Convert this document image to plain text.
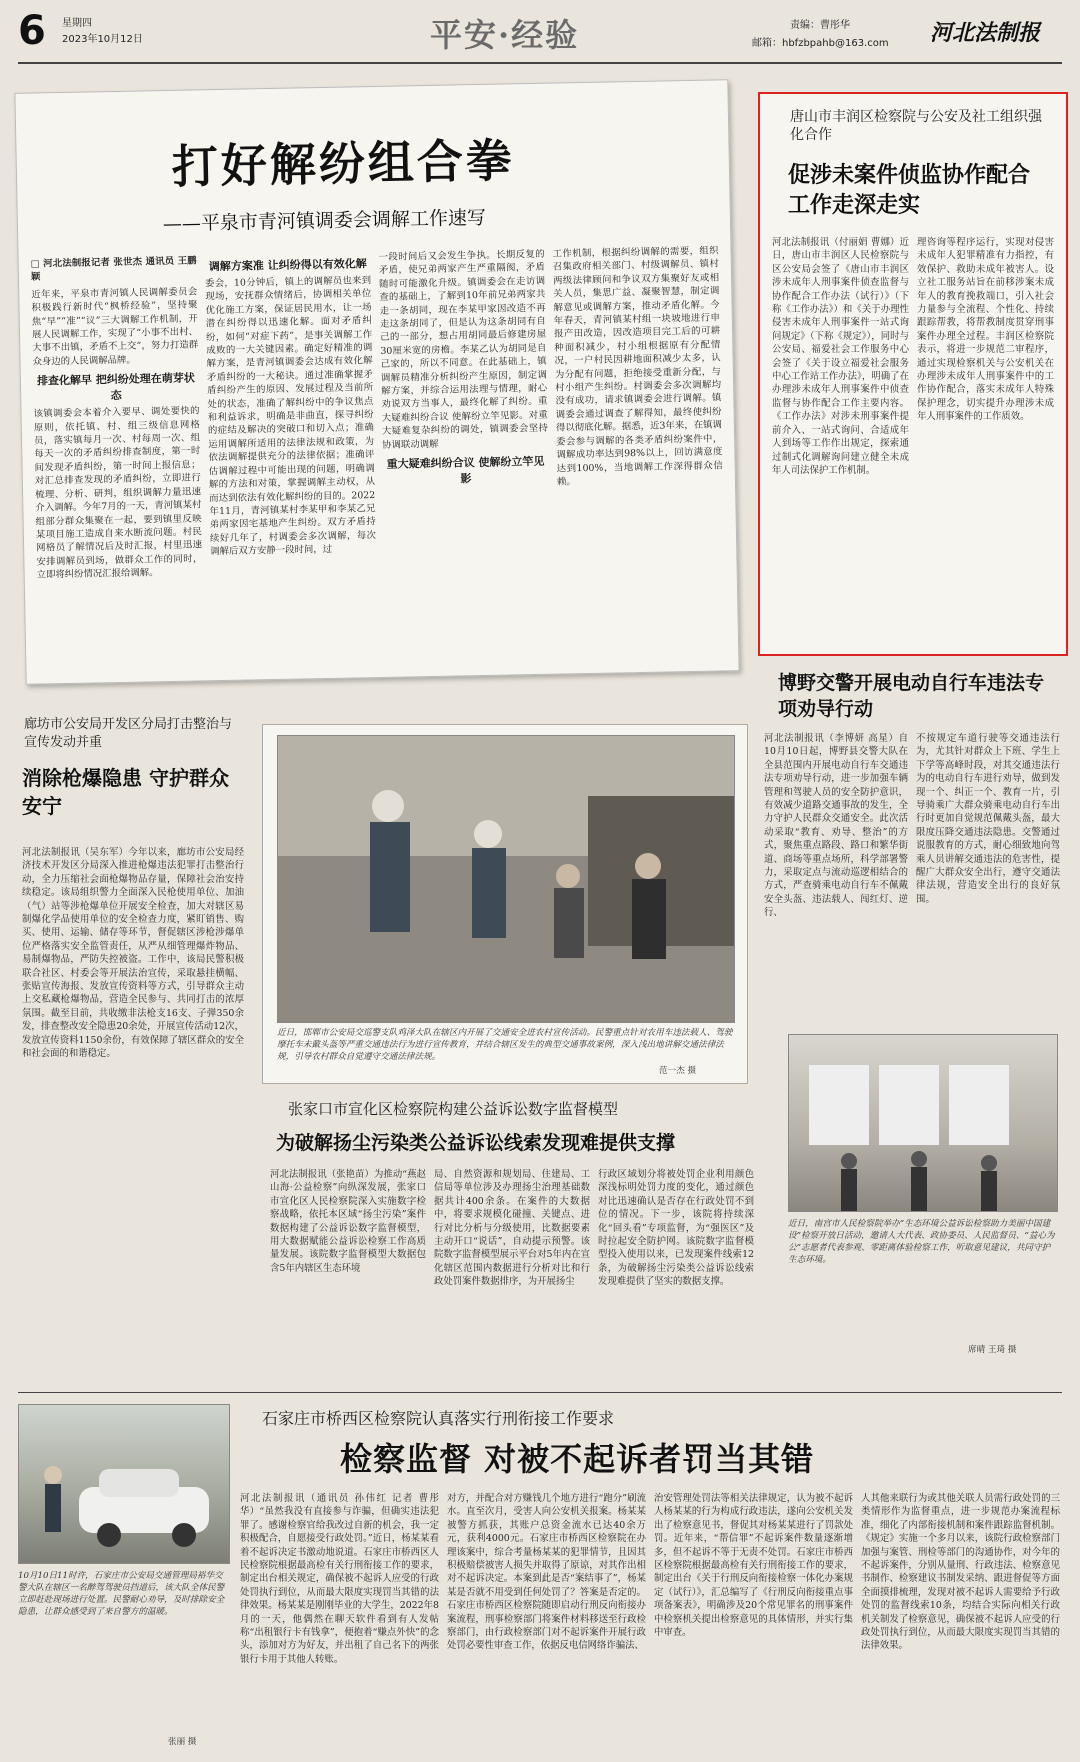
6 星期四
2023年10月12日	平安·经验	责编：曹彤华
邮箱：hbfzbpahb@163.com 河北法制报
打好解纷组合拳
——平泉市青河镇调委会调解工作速写
□ 河北法制报记者 张世杰 通讯员 王鹏颖
近年来，平泉市青河镇人民调解委员会积极践行新时代“枫桥经验”，坚持聚焦“早”“准”“议”三大调解工作机制，开展人民调解工作，实现了“小事不出村、大事不出镇，矛盾不上交”，努力打造群众身边的人民调解品牌。
排查化解早 把纠纷处理在萌芽状态
该镇调委会本着介入要早、调处要快的原则，依托镇、村、组三级信息网格员，落实镇每月一次、村每周一次、组每天一次的矛盾纠纷排查制度，第一时间发现矛盾纠纷，第一时间上报信息；对汇总排查发现的矛盾纠纷，立即进行梳理、分析、研判，组织调解力量迅速介入调解。今年7月的一天，青河镇某村组部分群众集聚在一起，要到镇里反映某项目施工造成自来水断流问题。村民网格员了解情况后及时汇报，村里迅速安排调解员到场，做群众工作的同时，立即将纠纷情况汇报给调解。
调解方案准 让纠纷得以有效化解
委会，10分钟后，镇上的调解员也来到现场，安抚群众情绪后，协调相关单位优化施工方案，保证居民用水，让一场潜在纠纷得以迅速化解。面对矛盾纠纷，如何“对症下药”，是事关调解工作成败的一大关键因素。确定好精准的调解方案，是青河镇调委会达成有效化解矛盾纠纷的一大秘诀。通过准确掌握矛盾纠纷产生的原因、发展过程及当前所处的状态，准确了解纠纷中的争议焦点和利益诉求，明确是非曲直，探寻纠纷的症结及解决的突破口和切入点；准确运用调解所适用的法律法规和政策，为依法调解提供充分的法律依据；准确评估调解过程中可能出现的问题，明确调解的方法和对策，掌握调解主动权，从而达到依法有效化解纠纷的目的。2022年11月，青河镇某村李某甲和李某乙兄弟两家因宅基地产生纠纷。双方矛盾持续好几年了，村调委会多次调解，每次调解后双方安静一段时间，过
一段时间后又会发生争执。长期反复的矛盾，使兄弟两家产生严重隔阂，矛盾随时可能激化升级。镇调委会在走访调查的基础上，了解到10年前兄弟两家共走一条胡同，现在李某甲家因改造不再走这条胡同了，但是认为这条胡同有自己的一部分，想占用胡同最后修建房屋30厘米宽的房檐。李某乙认为胡同是自己家的，所以不同意。在此基础上，镇调解员精准分析纠纷产生原因，制定调解方案，并综合运用法理与情理，耐心劝说双方当事人，最终化解了纠纷。重大疑难纠纷合议 使解纷立竿见影。对重大疑难复杂纠纷的调处，镇调委会坚持协调联动调解
重大疑难纠纷合议 使解纷立竿见影
工作机制，根据纠纷调解的需要，组织召集政府相关部门、村级调解员、镇村两级法律顾问和争议双方集聚好友或相关人员，集思广益、凝聚智慧，制定调解意见或调解方案，推动矛盾化解。今年春天，青河镇某村组一块坡地进行申报产田改造，因改造项目完工后的可耕种面积减少，村小组根据原有分配情况，一户村民因耕地面积减少太多，认为分配有问题，拒绝接受重新分配，与村小组产生纠纷。村调委会多次调解均没有成功，请求镇调委会进行调解。镇调委会通过调查了解得知，最终使纠纷得以彻底化解。据悉，近3年来，在镇调委会参与调解的各类矛盾纠纷案件中，调解成功率达到98%以上，回访满意度达到100%，当地调解工作深得群众信赖。
唐山市丰润区检察院与公安及社工组织强化合作
促涉未案件侦监协作配合工作走深走实
河北法制报讯（付丽娟 曹娜）近日，唐山市丰润区人民检察院与区公安局会签了《唐山市丰润区涉未成年人刑事案件侦查监督与协作配合工作办法（试行）》（下称《工作办法》）和《关于办理性侵害未成年人刑事案件一站式询问规定》（下称《规定》），同时与公安局、福爱社会工作服务中心会签了《关于设立福爱社会服务中心工作站工作办法》，明确了在办理涉未成年人刑事案件中侦查监督与协作配合工作主要内容。《工作办法》对涉未刑事案件提前介入、一站式询问、合适成年人到场等工作作出规定，探索通过制式化调解询问建立健全未成年人司法保护工作机制。
理咨询等程序运行，实现对侵害未成年人犯罪精准有力指控，有效保护、救助未成年被害人。设立社工服务站旨在前移涉案未成年人的教育挽救端口，引入社会力量参与全流程、个性化、持续跟踪帮教，将帮教制度贯穿刑事案件办理全过程。丰润区检察院表示，将进一步规范二审程序，通过实现检察机关与公安机关在办理涉未成年人刑事案件中的工作协作配合，落实未成年人特殊保护理念，切实提升办理涉未成年人刑事案件的工作质效。
博野交警开展电动自行车违法专项劝导行动
河北法制报讯（李博妍 高星）自10月10日起，博野县交警大队在全县范围内开展电动自行车交通违法专项劝导行动，进一步加强车辆管理和驾驶人员的安全防护意识，有效减少道路交通事故的发生，全力守护人民群众交通安全。此次活动采取“教育、劝导、整治”的方式，聚焦重点路段、路口和繁华街道、商场等重点场所，科学部署警力，采取定点与流动巡逻相结合的方式，严查骑乘电动自行车不佩戴安全头盔、违法载人、闯红灯、逆行、
不按规定车道行驶等交通违法行为，尤其针对群众上下班、学生上下学等高峰时段，对其交通违法行为的电动自行车进行劝导，做到发现一个、纠正一个、教育一片，引导骑乘广大群众骑乘电动自行车出行时更加自觉规范佩戴头盔，最大限度压降交通违法隐患。交警通过说服教育的方式，耐心细致地向驾乘人员讲解交通违法的危害性，提醒广大群众安全出行，遵守交通法律法规，营造安全出行的良好氛围。
廊坊市公安局开发区分局打击整治与宣传发动并重
消除枪爆隐患 守护群众安宁
河北法制报讯（吴东军）今年以来，廊坊市公安局经济技术开发区分局深入推进枪爆违法犯罪打击整治行动，全力压缩社会面枪爆物品存量，保障社会治安持续稳定。该局组织警力全面深入民枪使用单位、加油（气）站等涉枪爆单位开展安全检查，加大对辖区易制爆化学品使用单位的安全检查力度，紧盯销售、购买、使用、运输、储存等环节，督促辖区涉枪涉爆单位严格落实安全监管责任，从严从细管理爆炸物品、易制爆物品，严防失控被盗。工作中，该局民警积极联合社区、村委会等开展法治宣传，采取悬挂横幅、张贴宣传海报、发放宣传资料等方式，引导群众主动上交私藏枪爆物品，营造全民参与、共同打击的浓厚氛围。截至目前，共收缴非法枪支16支、子弹350余发，排查整改安全隐患20余处，开展宣传活动12次，发放宣传资料1150余份，有效保障了辖区群众的安全和社会面的和谐稳定。
近日，邯郸市公安局交巡警支队鸡泽大队在辖区内开展了交通安全进农村宣传活动。民警重点针对农用车违法载人、驾驶摩托车未戴头盔等严重交通违法行为进行宣传教育，并结合辖区发生的典型交通事故案例，深入浅出地讲解交通法律法规，引导农村群众自觉遵守交通法律法规。
范一杰 摄
近日，南宫市人民检察院举办“生态环境公益诉讼检察助力美丽中国建设”检察开放日活动，邀请人大代表、政协委员、人民监督员、“益心为公”志愿者代表参观、零距离体验检察工作，听取意见建议，共同守护生态环境。
席晴 王琦 摄
张家口市宣化区检察院构建公益诉讼数字监督模型
为破解扬尘污染类公益诉讼线索发现难提供支撑
河北法制报讯（张艳苗）为推动“燕赵山海·公益检察”向纵深发展，张家口市宣化区人民检察院深入实施数字检察战略，依托本区域“扬尘污染”案件数据构建了公益诉讼数字监督模型，用大数据赋能公益诉讼检察工作高质量发展。该院数字监督模型大数据包含5年内辖区生态环境
局、自然资源和规划局、住建局、工信局等单位涉及办理扬尘治理基础数据共计400余条。在案件的大数据中，将要求规模化碰撞、关键点、进行对比分析与分级使用，比数据要素主动开口“说话”，自动提示预警。该院数字监督模型展示平台对5年内在宣化辖区范围内数据进行分析对比和行政处罚案件数据排序，为开展扬尘
行政区域划分将被处罚企业利用颜色深浅标明处罚力度的变化，通过颜色对比迅速确认是否存在行政处罚不到位的情况。下一步，该院将持续深化“回头看”专项监督，为“强医区”及时拉起安全防护网。该院数字监督模型投入使用以来，已发现案件线索12条，为破解扬尘污染类公益诉讼线索发现难提供了坚实的数据支撑。
10月10日11时许，石家庄市公安局交通管理局裕华交警大队在辖区一名醉驾驾驶员挡道后，该大队全体民警立即赶赴现场进行处置。民警耐心劝导，及时排除安全隐患，让群众感受到了来自警方的温暖。
张丽 摄
石家庄市桥西区检察院认真落实行刑衔接工作要求
检察监督 对被不起诉者罚当其错
河北法制报讯（通讯员 孙伟红 记者 曹彤华）“虽然我没有直接参与诈骗，但确实违法犯罪了。感谢检察官给我改过自新的机会，我一定积极配合，自愿接受行政处罚。”近日，杨某某看着不起诉决定书激动地说道。石家庄市桥西区人民检察院根据最高检有关行刑衔接工作的要求，制定出台相关规定，确保被不起诉人应受的行政处罚执行到位，从而最大限度实现罚当其错的法律效果。杨某某是刚刚毕业的大学生，2022年8月的一天，他偶然在聊天软件看到有人发帖称“出租银行卡有钱拿”，便抱着“赚点外快”的念头，添加对方为好友，并出租了自己名下的两张银行卡用于其他人转账。
对方，并配合对方赚钱几个地方进行“跑分”刷流水。直至次月，受害人向公安机关报案。杨某某被警方抓获，其账户总资金流水已达40余万元，获利4000元。石家庄市桥西区检察院在办理该案中，综合考量杨某某的犯罪情节，且因其积极赔偿被害人损失并取得了原谅，对其作出相对不起诉决定。本案到此是否“案结事了”，杨某某是否就不用受到任何处罚了？答案是否定的。石家庄市桥西区检察院随即启动行刑反向衔接办案流程，刑事检察部门将案件材料移送至行政检察部门，由行政检察部门对不起诉案件开展行政处罚必要性审查工作，依据反电信网络诈骗法、
治安管理处罚法等相关法律规定，认为被不起诉人杨某某的行为构成行政违法，遂向公安机关发出了检察意见书，督促其对杨某某进行了罚款处罚。近年来，“帮信罪”不起诉案件数量逐渐增多，但不起诉不等于无责不处罚。石家庄市桥西区检察院根据最高检有关行刑衔接工作的要求，制定出台《关于行刑反向衔接检察一体化办案规定（试行）》，汇总编写了《行刑反向衔接重点事项备案表》，明确涉及20个常见罪名的刑事案件中检察机关提出检察意见的具体情形，并实行集中审查。
人其他来联行为或其他关联人员需行政处罚的三类情形作为监督重点，进一步规范办案流程标准，细化了内部衔接机制和案件跟踪监督机制。《规定》实施一个多月以来，该院行政检察部门加强与案管、刑检等部门的沟通协作，对今年的不起诉案件，分别从量刑、行政违法、检察意见书制作、检察建议书制发采纳、跟进督促等方面全面摸排梳理，发现对被不起诉人需要给予行政处罚的监督线索10条，均结合实际向相关行政机关制发了检察意见，确保被不起诉人应受的行政处罚执行到位，从而最大限度实现罚当其错的法律效果。
